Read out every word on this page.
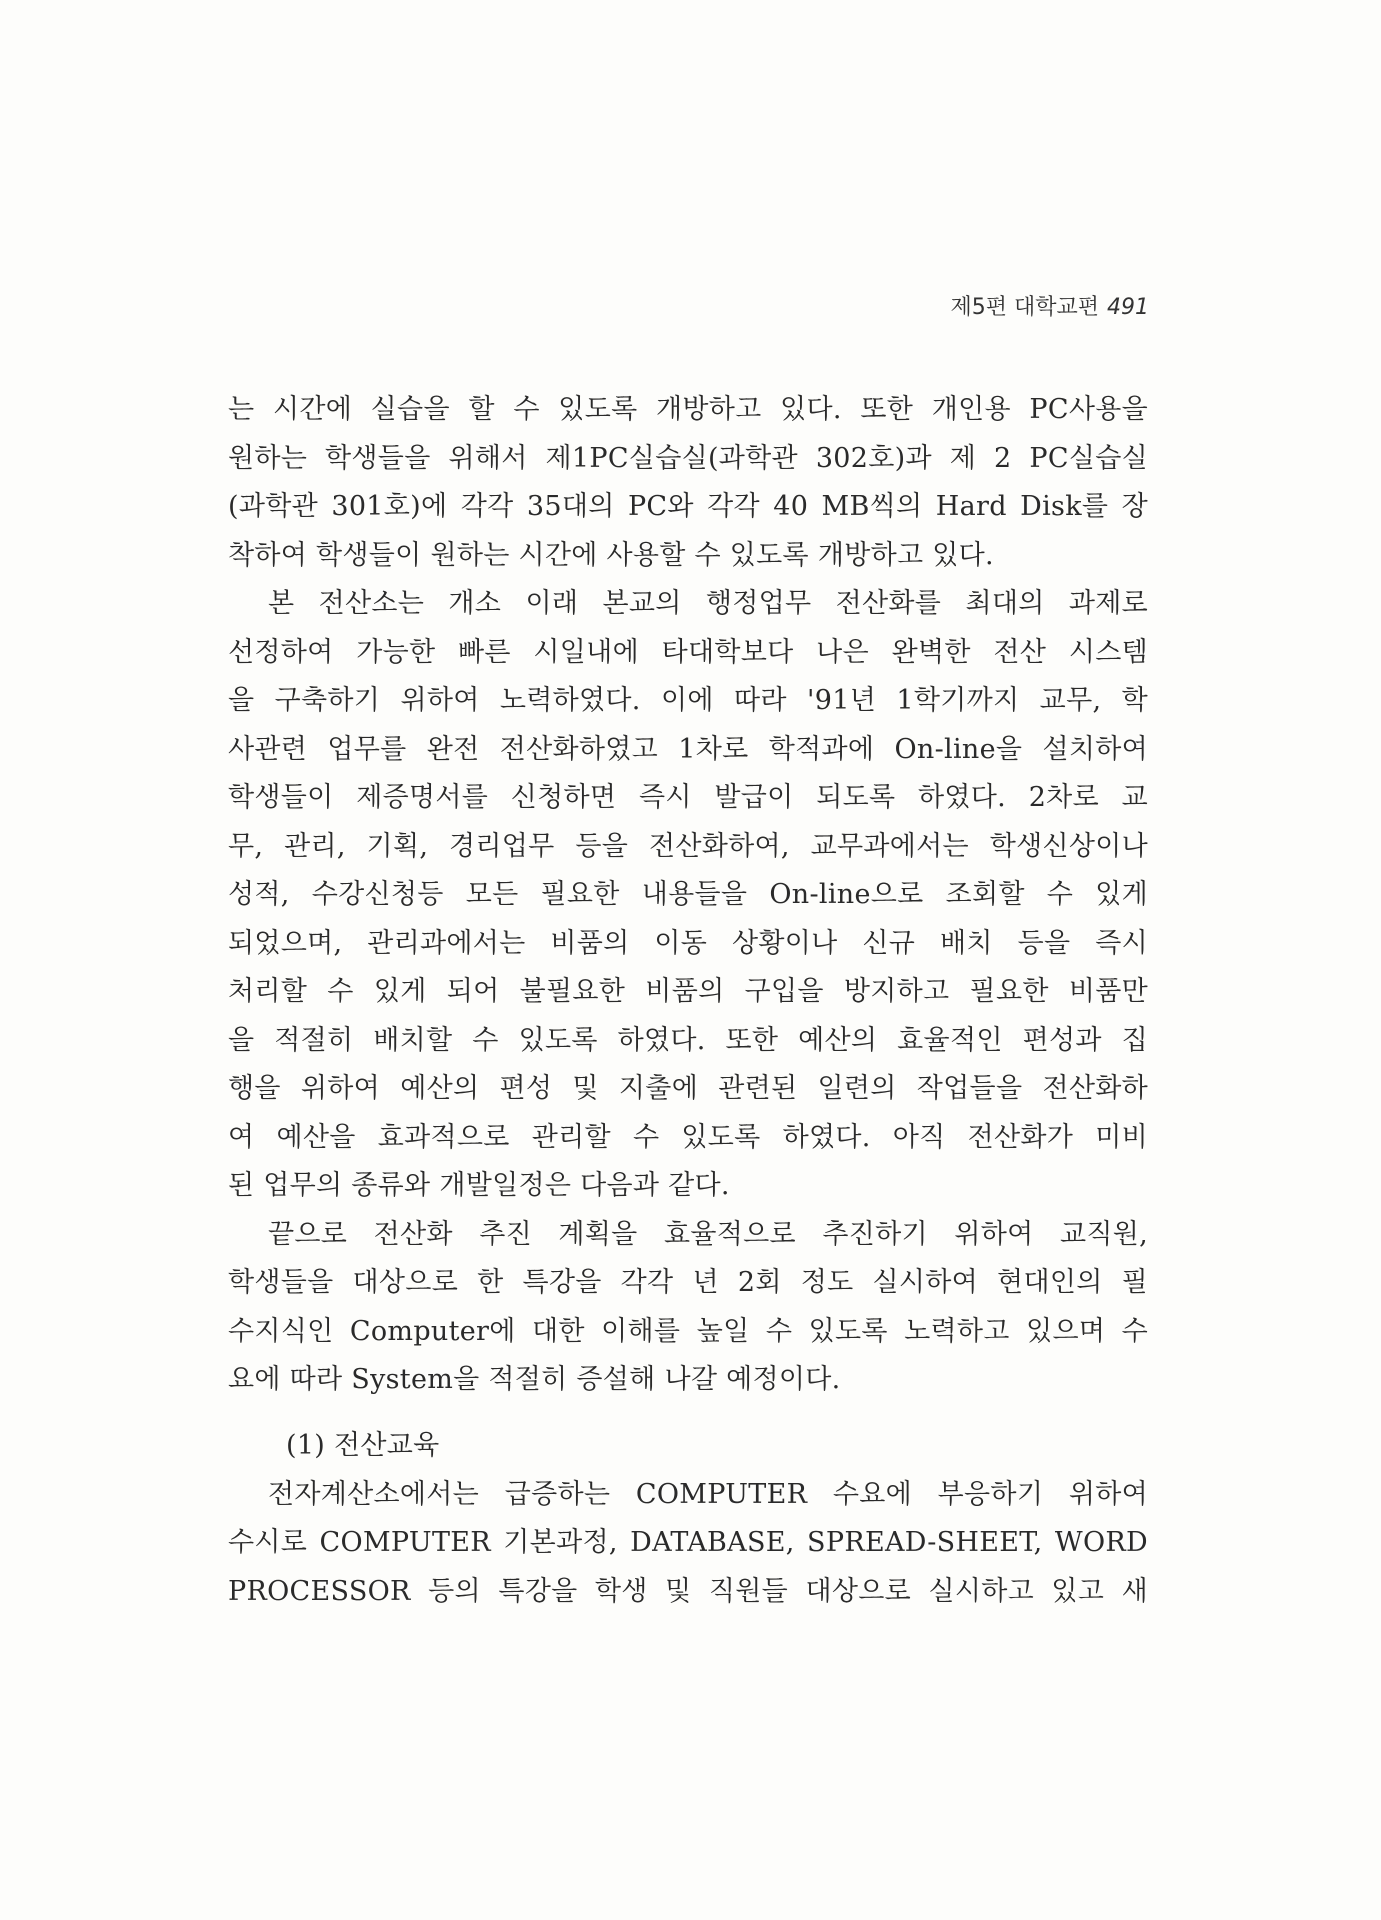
제5편 대학교편 491
는 시간에 실습을 할 수 있도록 개방하고 있다. 또한 개인용 PC사용을
원하는 학생들을 위해서 제1PC실습실(과학관 302호)과 제 2 PC실습실
(과학관 301호)에 각각 35대의 PC와 각각 40 MB씩의 Hard Disk를 장
착하여 학생들이 원하는 시간에 사용할 수 있도록 개방하고 있다.
본 전산소는 개소 이래 본교의 행정업무 전산화를 최대의 과제로
선정하여 가능한 빠른 시일내에 타대학보다 나은 완벽한 전산 시스템
을 구축하기 위하여 노력하였다. 이에 따라 '91년 1학기까지 교무, 학
사관련 업무를 완전 전산화하였고 1차로 학적과에 On-line을 설치하여
학생들이 제증명서를 신청하면 즉시 발급이 되도록 하였다. 2차로 교
무, 관리, 기획, 경리업무 등을 전산화하여, 교무과에서는 학생신상이나
성적, 수강신청등 모든 필요한 내용들을 On-line으로 조회할 수 있게
되었으며, 관리과에서는 비품의 이동 상황이나 신규 배치 등을 즉시
처리할 수 있게 되어 불필요한 비품의 구입을 방지하고 필요한 비품만
을 적절히 배치할 수 있도록 하였다. 또한 예산의 효율적인 편성과 집
행을 위하여 예산의 편성 및 지출에 관련된 일련의 작업들을 전산화하
여 예산을 효과적으로 관리할 수 있도록 하였다. 아직 전산화가 미비
된 업무의 종류와 개발일정은 다음과 같다.
끝으로 전산화 추진 계획을 효율적으로 추진하기 위하여 교직원,
학생들을 대상으로 한 특강을 각각 년 2회 정도 실시하여 현대인의 필
수지식인 Computer에 대한 이해를 높일 수 있도록 노력하고 있으며 수
요에 따라 System을 적절히 증설해 나갈 예정이다.
(1) 전산교육
전자계산소에서는 급증하는 COMPUTER 수요에 부응하기 위하여
수시로 COMPUTER 기본과정, DATABASE, SPREAD-SHEET, WORD
PROCESSOR 등의 특강을 학생 및 직원들 대상으로 실시하고 있고 새
